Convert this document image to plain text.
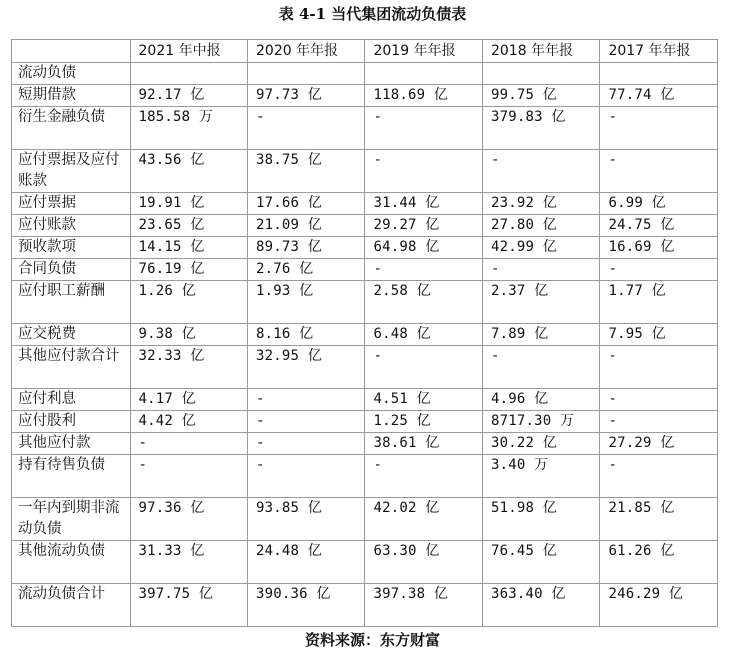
表 4-1 当代集团流动负债表
	2021 年中报	2020 年年报	2019 年年报	2018 年年报	2017 年年报
流动负债					
短期借款	92.17 亿	97.73 亿	118.69 亿	99.75 亿	77.74 亿
衍生金融负债	185.58 万	-	-	379.83 亿	-
应付票据及应付账款	43.56 亿	38.75 亿	-	-	-
应付票据	19.91 亿	17.66 亿	31.44 亿	23.92 亿	6.99 亿
应付账款	23.65 亿	21.09 亿	29.27 亿	27.80 亿	24.75 亿
预收款项	14.15 亿	89.73 亿	64.98 亿	42.99 亿	16.69 亿
合同负债	76.19 亿	2.76 亿	-	-	-
应付职工薪酬	1.26 亿	1.93 亿	2.58 亿	2.37 亿	1.77 亿
应交税费	9.38 亿	8.16 亿	6.48 亿	7.89 亿	7.95 亿
其他应付款合计	32.33 亿	32.95 亿	-	-	-
应付利息	4.17 亿	-	4.51 亿	4.96 亿	-
应付股利	4.42 亿	-	1.25 亿	8717.30 万	-
其他应付款	-	-	38.61 亿	30.22 亿	27.29 亿
持有待售负债	-	-	-	3.40 万	-
一年内到期非流动负债	97.36 亿	93.85 亿	42.02 亿	51.98 亿	21.85 亿
其他流动负债	31.33 亿	24.48 亿	63.30 亿	76.45 亿	61.26 亿
流动负债合计	397.75 亿	390.36 亿	397.38 亿	363.40 亿	246.29 亿
资料来源：东方财富
